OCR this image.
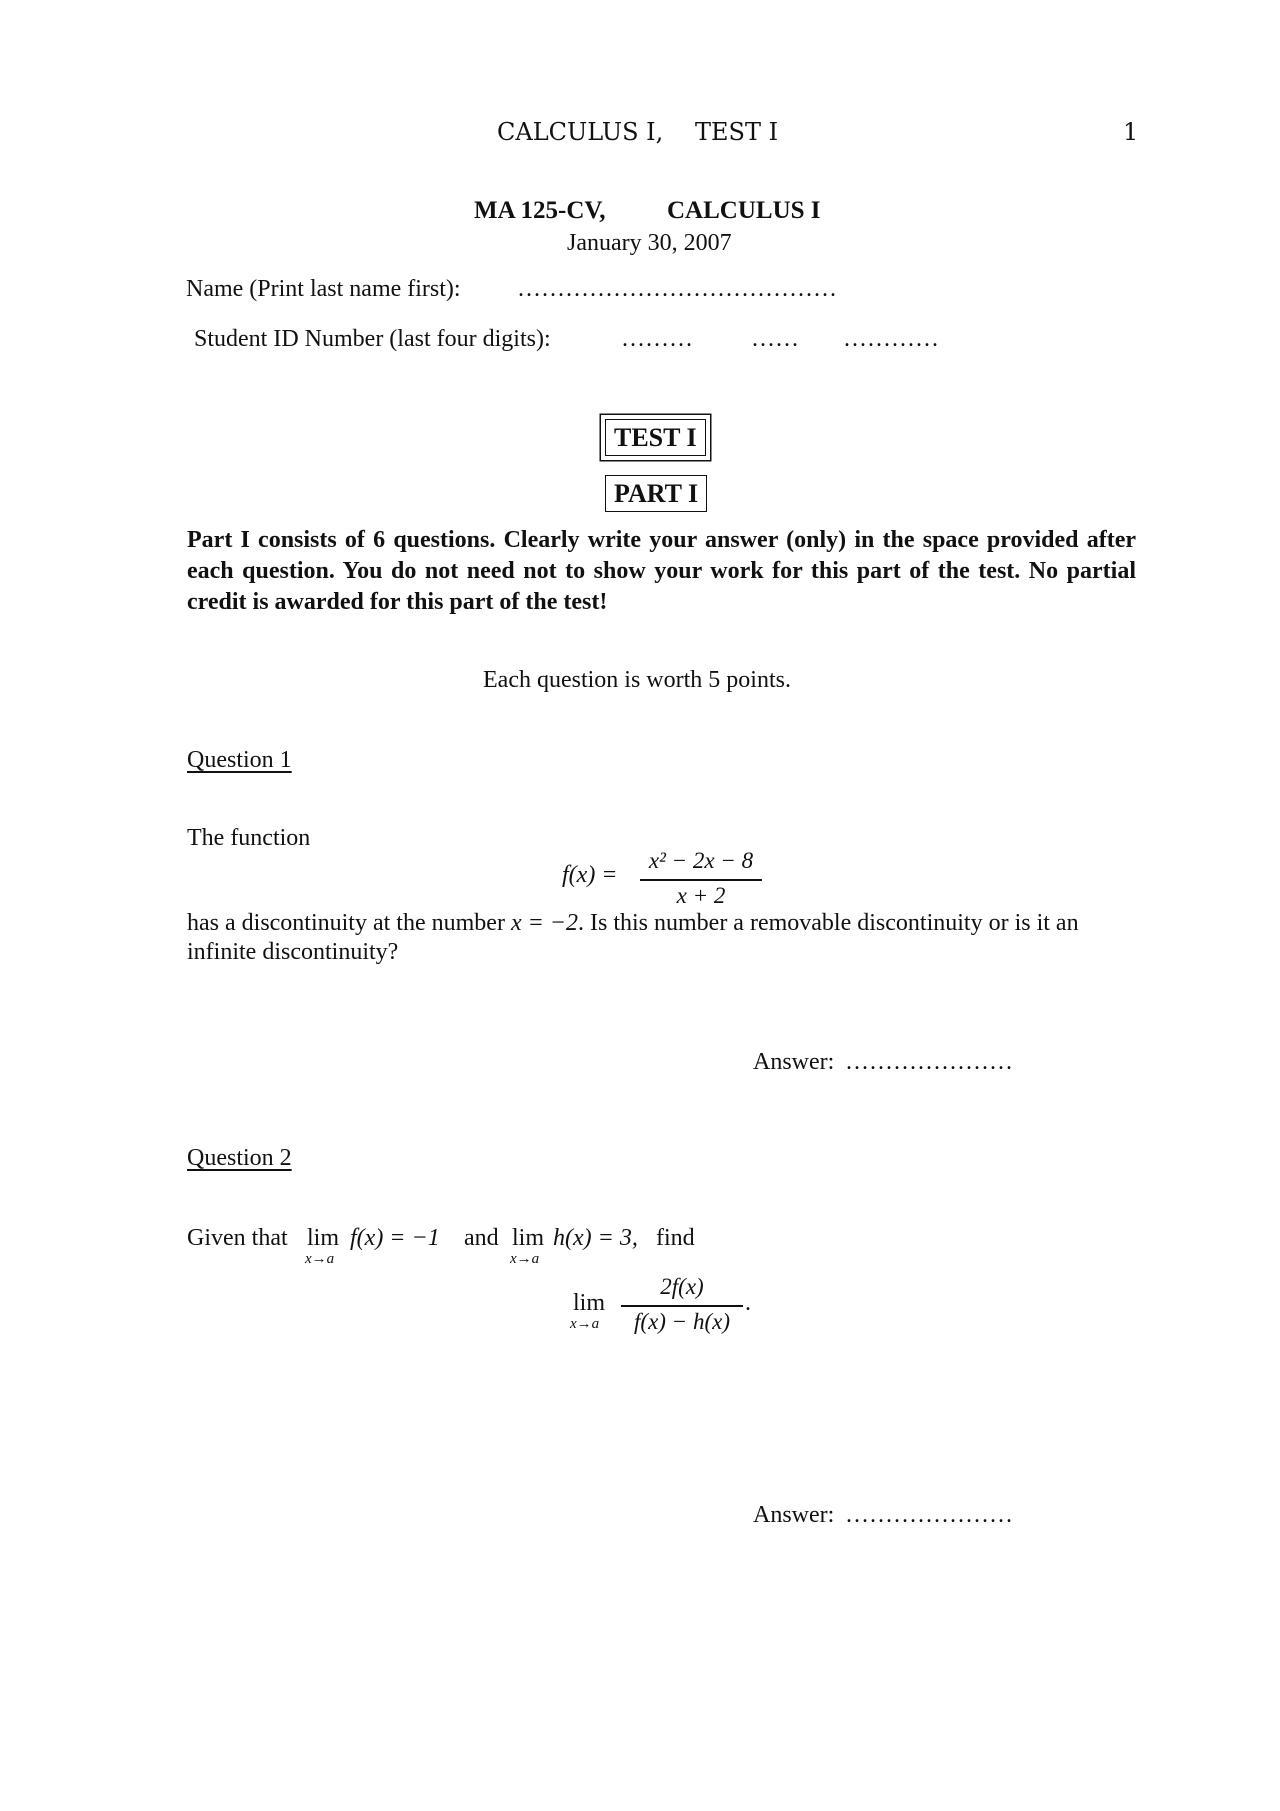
CALCULUS I, TEST I	1
MA 125-CV, CALCULUS I
January 30, 2007
Name (Print last name first): ........................................
Student ID Number (last four digits):	......... ...... ............
TEST I
PART I
Part I consists of 6 questions. Clearly write your answer (only) in the space provided after each question. You do not need not to show your work for this part of the test. No partial credit is awarded for this part of the test!
Each question is worth 5 points.
Question 1
The function
f(x) =
x² − 2x − 8
x + 2
has a discontinuity at the number x = −2. Is this number a removable discontinuity or is it an infinite discontinuity?
Answer: .....................
Question 2
Given that lim
x→a
f(x) = −1 and lim
x→a
h(x) = 3, find
lim
x→a
2f(x)
f(x) − h(x)
.
Answer: .....................
